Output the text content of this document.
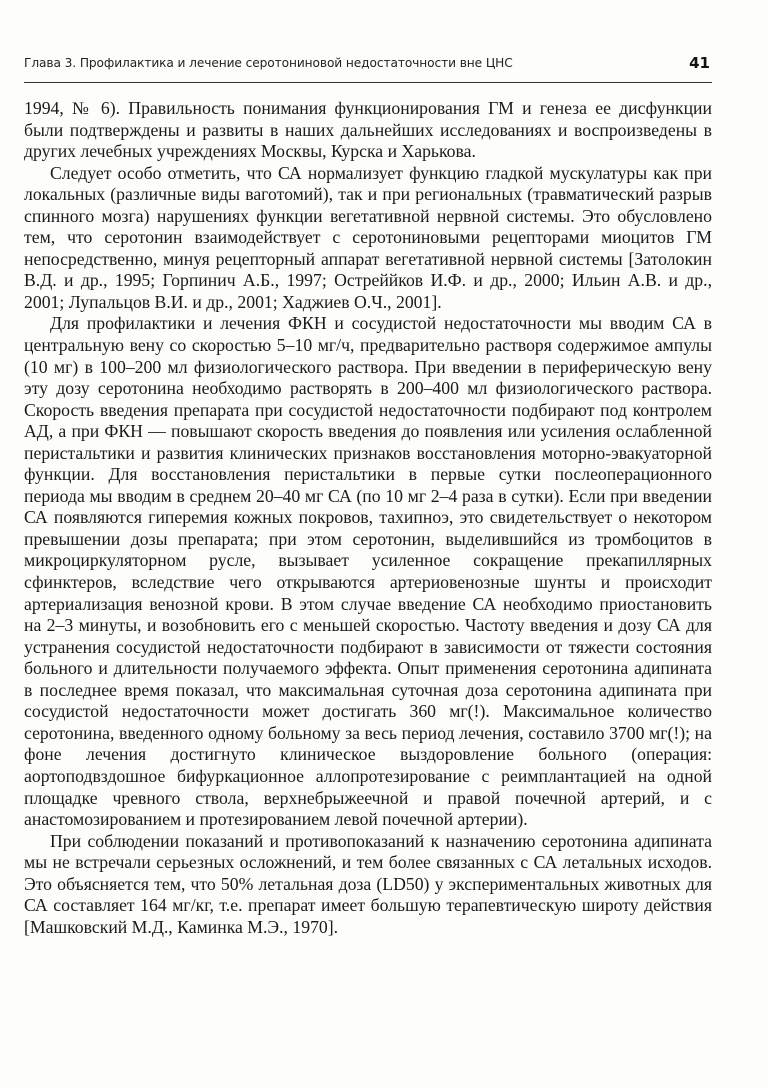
Глава 3. Профилактика и лечение серотониновой недостаточности вне ЦНС	41

1994, № 6). Правильность понимания функционирования ГМ и генеза ее дисфункции были подтверждены и развиты в наших дальнейших исследованиях и воспроизведены в других лечебных учреждениях Москвы, Курска и Харькова.

Следует особо отметить, что СА нормализует функцию гладкой мускулатуры как при локальных (различные виды ваготомий), так и при региональных (травматический разрыв спинного мозга) нарушениях функции вегетативной нервной системы. Это обусловлено тем, что серотонин взаимодействует с серотониновыми рецепторами миоцитов ГМ непосредственно, минуя рецепторный аппарат вегетативной нервной системы [Затолокин В.Д. и др., 1995; Горпинич А.Б., 1997; Остреййков И.Ф. и др., 2000; Ильин А.В. и др., 2001; Лупальцов В.И. и др., 2001; Хаджиев О.Ч., 2001].

Для профилактики и лечения ФКН и сосудистой недостаточности мы вводим СА в центральную вену со скоростью 5–10 мг/ч, предварительно растворя содержимое ампулы (10 мг) в 100–200 мл физиологического раствора. При введении в периферическую вену эту дозу серотонина необходимо растворять в 200–400 мл физиологического раствора. Скорость введения препарата при сосудистой недостаточности подбирают под контролем АД, а при ФКН — повышают скорость введения до появления или усиления ослабленной перистальтики и развития клинических признаков восстановления моторно-эвакуаторной функции. Для восстановления перистальтики в первые сутки послеоперационного периода мы вводим в среднем 20–40 мг СА (по 10 мг 2–4 раза в сутки). Если при введении СА появляются гиперемия кожных покровов, тахипноэ, это свидетельствует о некотором превышении дозы препарата; при этом серотонин, выделившийся из тромбоцитов в микроциркуляторном русле, вызывает усиленное сокращение прекапиллярных сфинктеров, вследствие чего открываются артериовенозные шунты и происходит артериализация венозной крови. В этом случае введение СА необходимо приостановить на 2–3 минуты, и возобновить его с меньшей скоростью. Частоту введения и дозу СА для устранения сосудистой недостаточности подбирают в зависимости от тяжести состояния больного и длительности получаемого эффекта. Опыт применения серотонина адипината в последнее время показал, что максимальная суточная доза серотонина адипината при сосудистой недостаточности может достигать 360 мг(!). Максимальное количество серотонина, введенного одному больному за весь период лечения, составило 3700 мг(!); на фоне лечения достигнуто клиническое выздоровление больного (операция: аортоподвздошное бифуркационное аллопротезирование с реимплантацией на одной площадке чревного ствола, верхнебрыжеечной и правой почечной артерий, и с анастомозированием и протезированием левой почечной артерии).

При соблюдении показаний и противопоказаний к назначению серотонина адипината мы не встречали серьезных осложнений, и тем более связанных с СА летальных исходов. Это объясняется тем, что 50% летальная доза (LD50) у экспериментальных животных для СА составляет 164 мг/кг, т.е. препарат имеет большую терапевтическую широту действия [Машковский М.Д., Каминка М.Э., 1970].
